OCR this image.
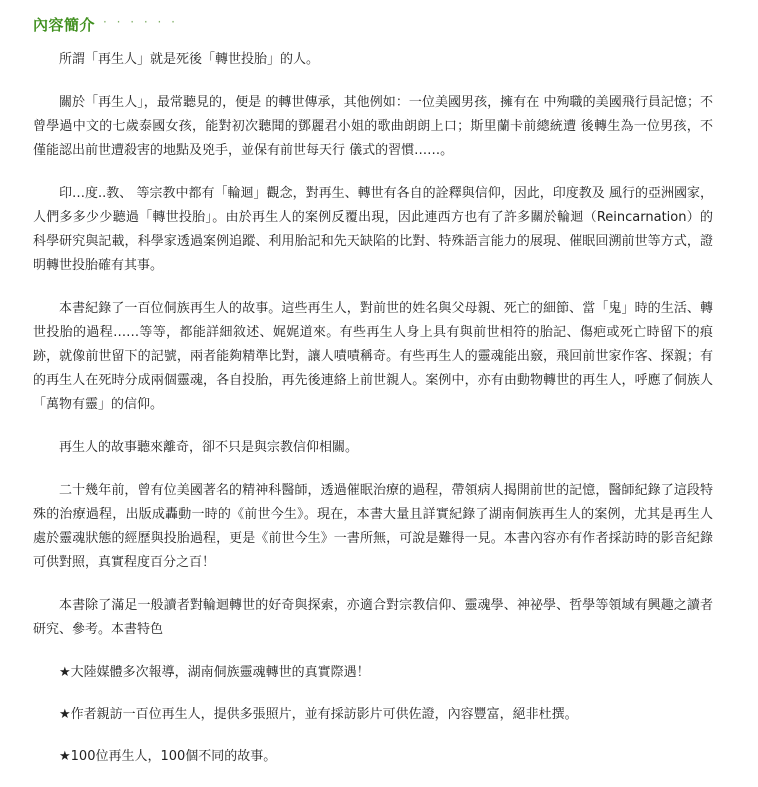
內容簡介 · · · · · ·

所謂「再生人」就是死後「轉世投胎」的人。

關於「再生人」，最常聽見的，便是 的轉世傳承，其他例如：一位美國男孩，擁有在 中殉職的美國飛行員記憶；不曾學過中文的七歲泰國女孩，能對初次聽聞的鄧麗君小姐的歌曲朗朗上口；斯里蘭卡前總統遭 後轉生為一位男孩，不僅能認出前世遭殺害的地點及兇手，並保有前世每天行 儀式的習慣……。

印…度..教、 等宗教中都有「輪迴」觀念，對再生、轉世有各自的詮釋與信仰，因此，印度教及 風行的亞洲國家，人們多多少少聽過「轉世投胎」。由於再生人的案例反覆出現，因此連西方也有了許多關於輪迴（Reincarnation）的科學研究與記載，科學家透過案例追蹤、利用胎記和先天缺陷的比對、特殊語言能力的展現、催眠回溯前世等方式，證明轉世投胎確有其事。

本書紀錄了一百位侗族再生人的故事。這些再生人，對前世的姓名與父母親、死亡的細節、當「鬼」時的生活、轉世投胎的過程……等等，都能詳細敘述、娓娓道來。有些再生人身上具有與前世相符的胎記、傷疤或死亡時留下的痕跡，就像前世留下的記號，兩者能夠精準比對，讓人嘖嘖稱奇。有些再生人的靈魂能出竅，飛回前世家作客、探親；有的再生人在死時分成兩個靈魂，各自投胎，再先後連絡上前世親人。案例中，亦有由動物轉世的再生人，呼應了侗族人「萬物有靈」的信仰。

再生人的故事聽來離奇，卻不只是與宗教信仰相關。

二十幾年前，曾有位美國著名的精神科醫師，透過催眠治療的過程，帶領病人揭開前世的記憶，醫師紀錄了這段特殊的治療過程，出版成轟動一時的《前世今生》。現在，本書大量且詳實紀錄了湖南侗族再生人的案例，尤其是再生人處於靈魂狀態的經歷與投胎過程，更是《前世今生》一書所無，可說是難得一見。本書內容亦有作者採訪時的影音紀錄可供對照，真實程度百分之百！

本書除了滿足一般讀者對輪迴轉世的好奇與探索，亦適合對宗教信仰、靈魂學、神祕學、哲學等領域有興趣之讀者研究、參考。本書特色

★大陸媒體多次報導，湖南侗族靈魂轉世的真實際遇！

★作者親訪一百位再生人，提供多張照片，並有採訪影片可供佐證，內容豐富，絕非杜撰。

★100位再生人，100個不同的故事。
